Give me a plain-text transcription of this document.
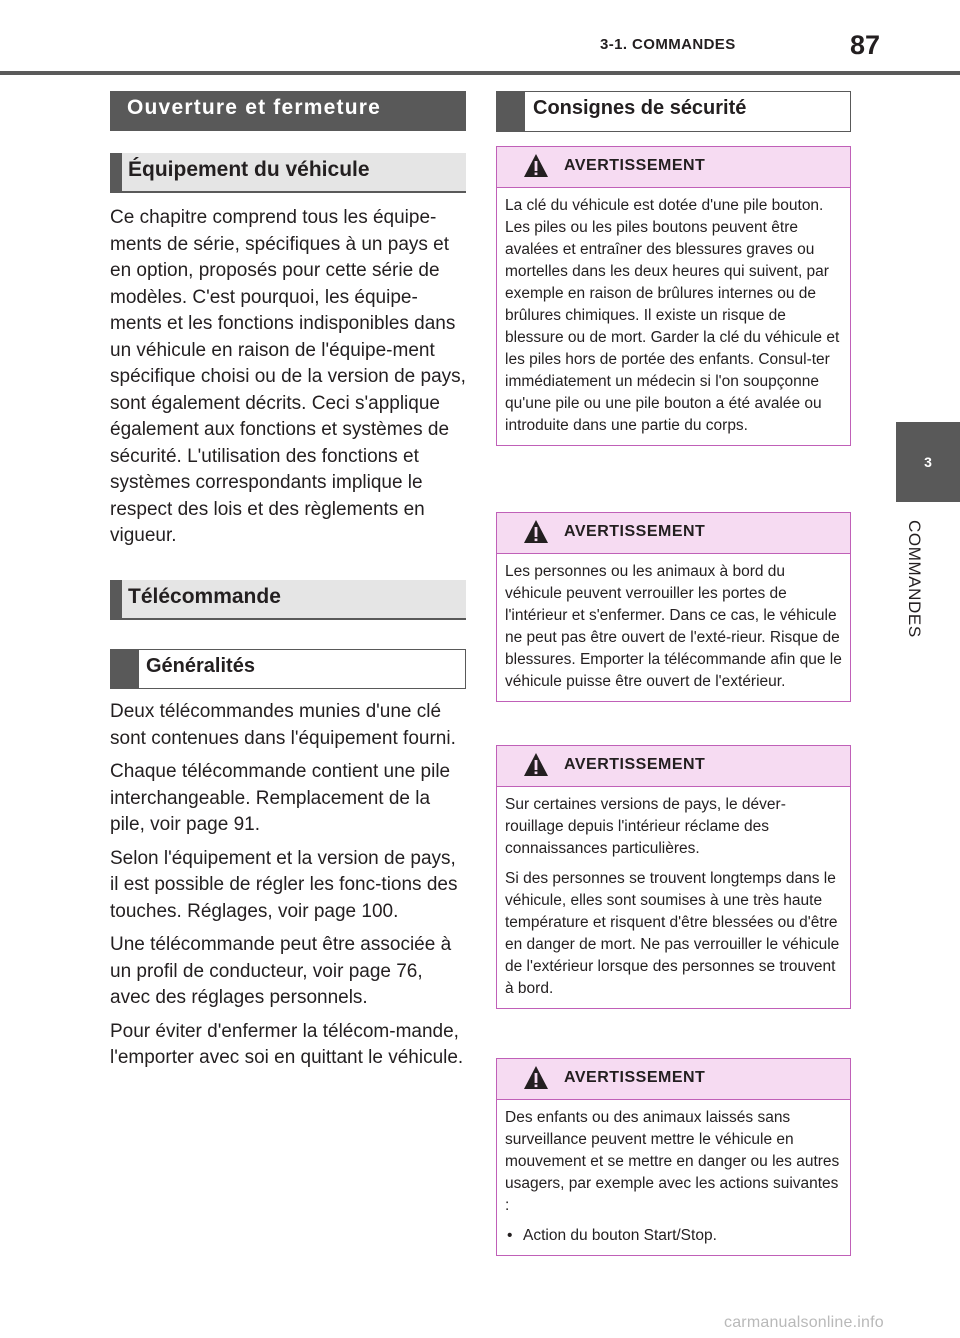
3-1. COMMANDES	87
3
COMMANDES
Ouverture et fermeture
Équipement du véhicule

Ce chapitre comprend tous les équipe-ments de série, spécifiques à un pays et en option, proposés pour cette série de modèles. C'est pourquoi, les équipe-ments et les fonctions indisponibles dans un véhicule en raison de l'équipe-ment spécifique choisi ou de la version de pays, sont également décrits. Ceci s'applique également aux fonctions et systèmes de sécurité. L'utilisation des fonctions et systèmes correspondants implique le respect des lois et des règlements en vigueur.

Télécommande
Généralités

Deux télécommandes munies d'une clé sont contenues dans l'équipement fourni.

Chaque télécommande contient une pile interchangeable. Remplacement de la pile, voir page 91.

Selon l'équipement et la version de pays, il est possible de régler les fonc-tions des touches. Réglages, voir page 100.

Une télécommande peut être associée à un profil de conducteur, voir page 76, avec des réglages personnels.

Pour éviter d'enfermer la télécom-mande, l'emporter avec soi en quittant le véhicule.

Consignes de sécurité
AVERTISSEMENT

La clé du véhicule est dotée d'une pile bouton. Les piles ou les piles boutons peuvent être avalées et entraîner des blessures graves ou mortelles dans les deux heures qui suivent, par exemple en raison de brûlures internes ou de brûlures chimiques. Il existe un risque de blessure ou de mort. Garder la clé du véhicule et les piles hors de portée des enfants. Consul-ter immédiatement un médecin si l'on soupçonne qu'une pile ou une pile bouton a été avalée ou introduite dans une partie du corps.

AVERTISSEMENT

Les personnes ou les animaux à bord du véhicule peuvent verrouiller les portes de l'intérieur et s'enfermer. Dans ce cas, le véhicule ne peut pas être ouvert de l'exté-rieur. Risque de blessures. Emporter la télécommande afin que le véhicule puisse être ouvert de l'extérieur.

AVERTISSEMENT

Sur certaines versions de pays, le déver-rouillage depuis l'intérieur réclame des connaissances particulières.

Si des personnes se trouvent longtemps dans le véhicule, elles sont soumises à une très haute température et risquent d'être blessées ou d'être en danger de mort. Ne pas verrouiller le véhicule de l'extérieur lorsque des personnes se trouvent à bord.

AVERTISSEMENT

Des enfants ou des animaux laissés sans surveillance peuvent mettre le véhicule en mouvement et se mettre en danger ou les autres usagers, par exemple avec les actions suivantes :

• Action du bouton Start/Stop.

carmanualsonline.info
